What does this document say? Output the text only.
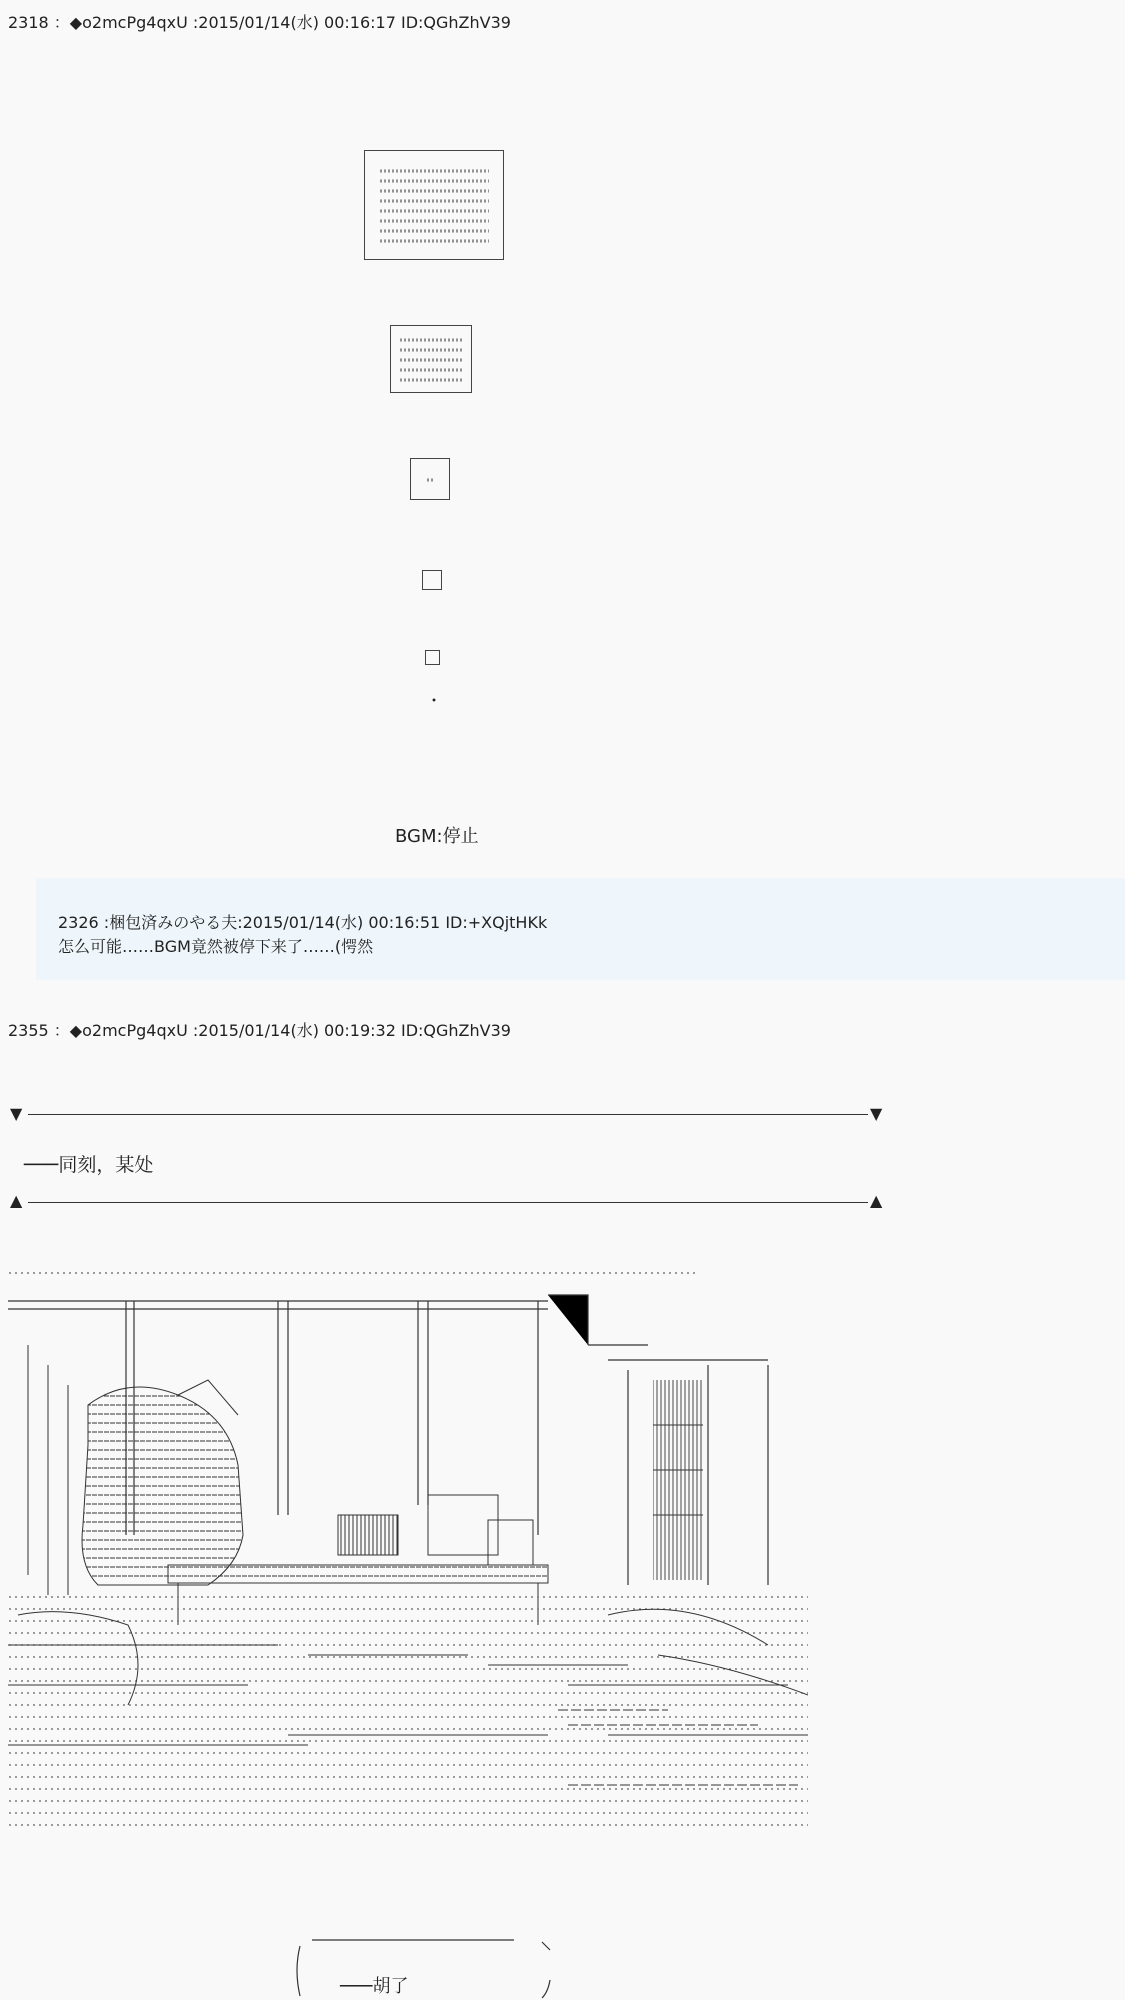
2318 ：◆o2mcPg4qxU :2015/01/14(水) 00:16:17 ID:QGhZhV39
・
BGM:停止
2326 :梱包済みのやる夫:2015/01/14(水) 00:16:51 ID:+XQjtHKk
怎么可能……BGM竟然被停下来了……(愕然
2355 ：◆o2mcPg4qxU :2015/01/14(水) 00:19:32 ID:QGhZhV39
▼	▼
───同刻，某处
▲	▲
───胡了
